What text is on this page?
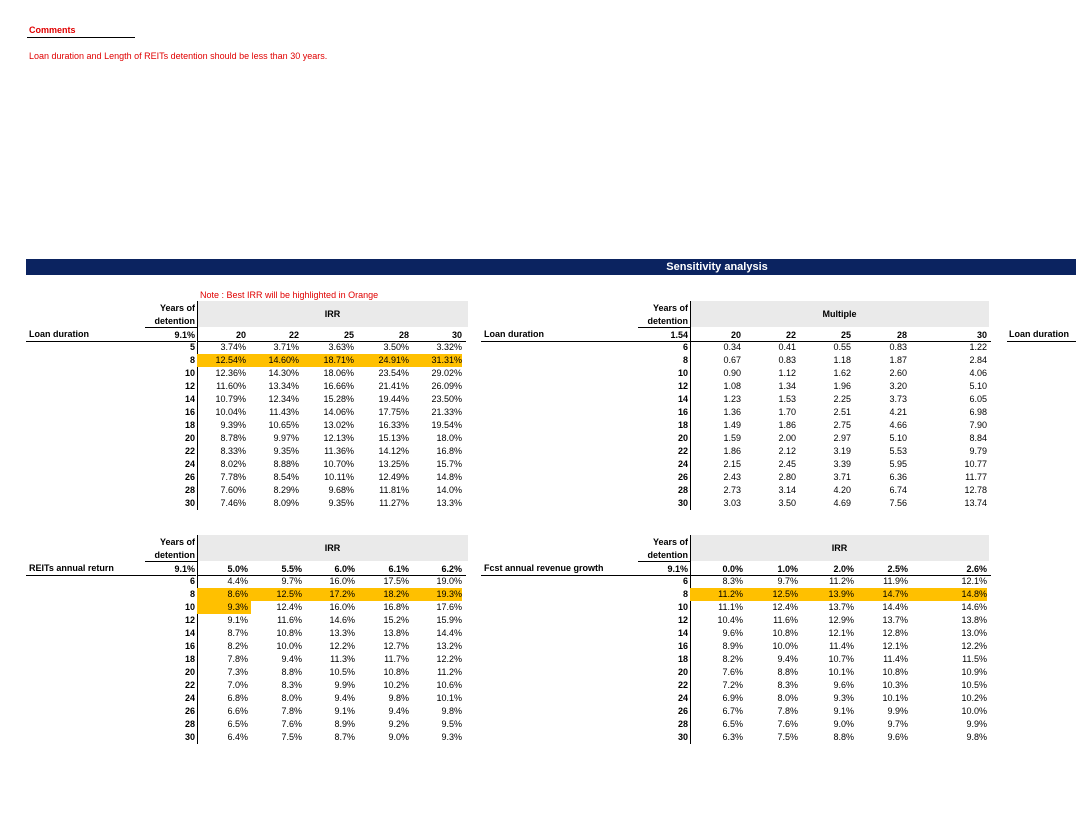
Comments
Loan duration and Length of REITs detention should be less than 30 years.
Sensitivity analysis
Note : Best IRR will be highlighted in Orange
Loan duration
IRR
Years of
detention
Loan duration	9.1%	20	22	25	28	30
5	3.74%	3.71%	3.63%	3.50%	3.32%
8	12.54%	14.60%	18.71%	24.91%	31.31%
10	12.36%	14.30%	18.06%	23.54%	29.02%
12	11.60%	13.34%	16.66%	21.41%	26.09%
14	10.79%	12.34%	15.28%	19.44%	23.50%
16	10.04%	11.43%	14.06%	17.75%	21.33%
18	9.39%	10.65%	13.02%	16.33%	19.54%
20	8.78%	9.97%	12.13%	15.13%	18.0%
22	8.33%	9.35%	11.36%	14.12%	16.8%
24	8.02%	8.88%	10.70%	13.25%	15.7%
26	7.78%	8.54%	10.11%	12.49%	14.8%
28	7.60%	8.29%	9.68%	11.81%	14.0%
30	7.46%	8.09%	9.35%	11.27%	13.3%
Multiple
Years of
detention
Loan duration	1.54	20	22	25	28	30
6	0.34	0.41	0.55	0.83	1.22
8	0.67	0.83	1.18	1.87	2.84
10	0.90	1.12	1.62	2.60	4.06
12	1.08	1.34	1.96	3.20	5.10
14	1.23	1.53	2.25	3.73	6.05
16	1.36	1.70	2.51	4.21	6.98
18	1.49	1.86	2.75	4.66	7.90
20	1.59	2.00	2.97	5.10	8.84
22	1.86	2.12	3.19	5.53	9.79
24	2.15	2.45	3.39	5.95	10.77
26	2.43	2.80	3.71	6.36	11.77
28	2.73	3.14	4.20	6.74	12.78
30	3.03	3.50	4.69	7.56	13.74
IRR
Years of
detention
REITs annual return	9.1%	5.0%	5.5%	6.0%	6.1%	6.2%
6	4.4%	9.7%	16.0%	17.5%	19.0%
8	8.6%	12.5%	17.2%	18.2%	19.3%
10	9.3%	12.4%	16.0%	16.8%	17.6%
12	9.1%	11.6%	14.6%	15.2%	15.9%
14	8.7%	10.8%	13.3%	13.8%	14.4%
16	8.2%	10.0%	12.2%	12.7%	13.2%
18	7.8%	9.4%	11.3%	11.7%	12.2%
20	7.3%	8.8%	10.5%	10.8%	11.2%
22	7.0%	8.3%	9.9%	10.2%	10.6%
24	6.8%	8.0%	9.4%	9.8%	10.1%
26	6.6%	7.8%	9.1%	9.4%	9.8%
28	6.5%	7.6%	8.9%	9.2%	9.5%
30	6.4%	7.5%	8.7%	9.0%	9.3%
IRR
Years of
detention
Fcst annual revenue growth	9.1%	0.0%	1.0%	2.0%	2.5%	2.6%
6	8.3%	9.7%	11.2%	11.9%	12.1%
8	11.2%	12.5%	13.9%	14.7%	14.8%
10	11.1%	12.4%	13.7%	14.4%	14.6%
12	10.4%	11.6%	12.9%	13.7%	13.8%
14	9.6%	10.8%	12.1%	12.8%	13.0%
16	8.9%	10.0%	11.4%	12.1%	12.2%
18	8.2%	9.4%	10.7%	11.4%	11.5%
20	7.6%	8.8%	10.1%	10.8%	10.9%
22	7.2%	8.3%	9.6%	10.3%	10.5%
24	6.9%	8.0%	9.3%	10.1%	10.2%
26	6.7%	7.8%	9.1%	9.9%	10.0%
28	6.5%	7.6%	9.0%	9.7%	9.9%
30	6.3%	7.5%	8.8%	9.6%	9.8%
